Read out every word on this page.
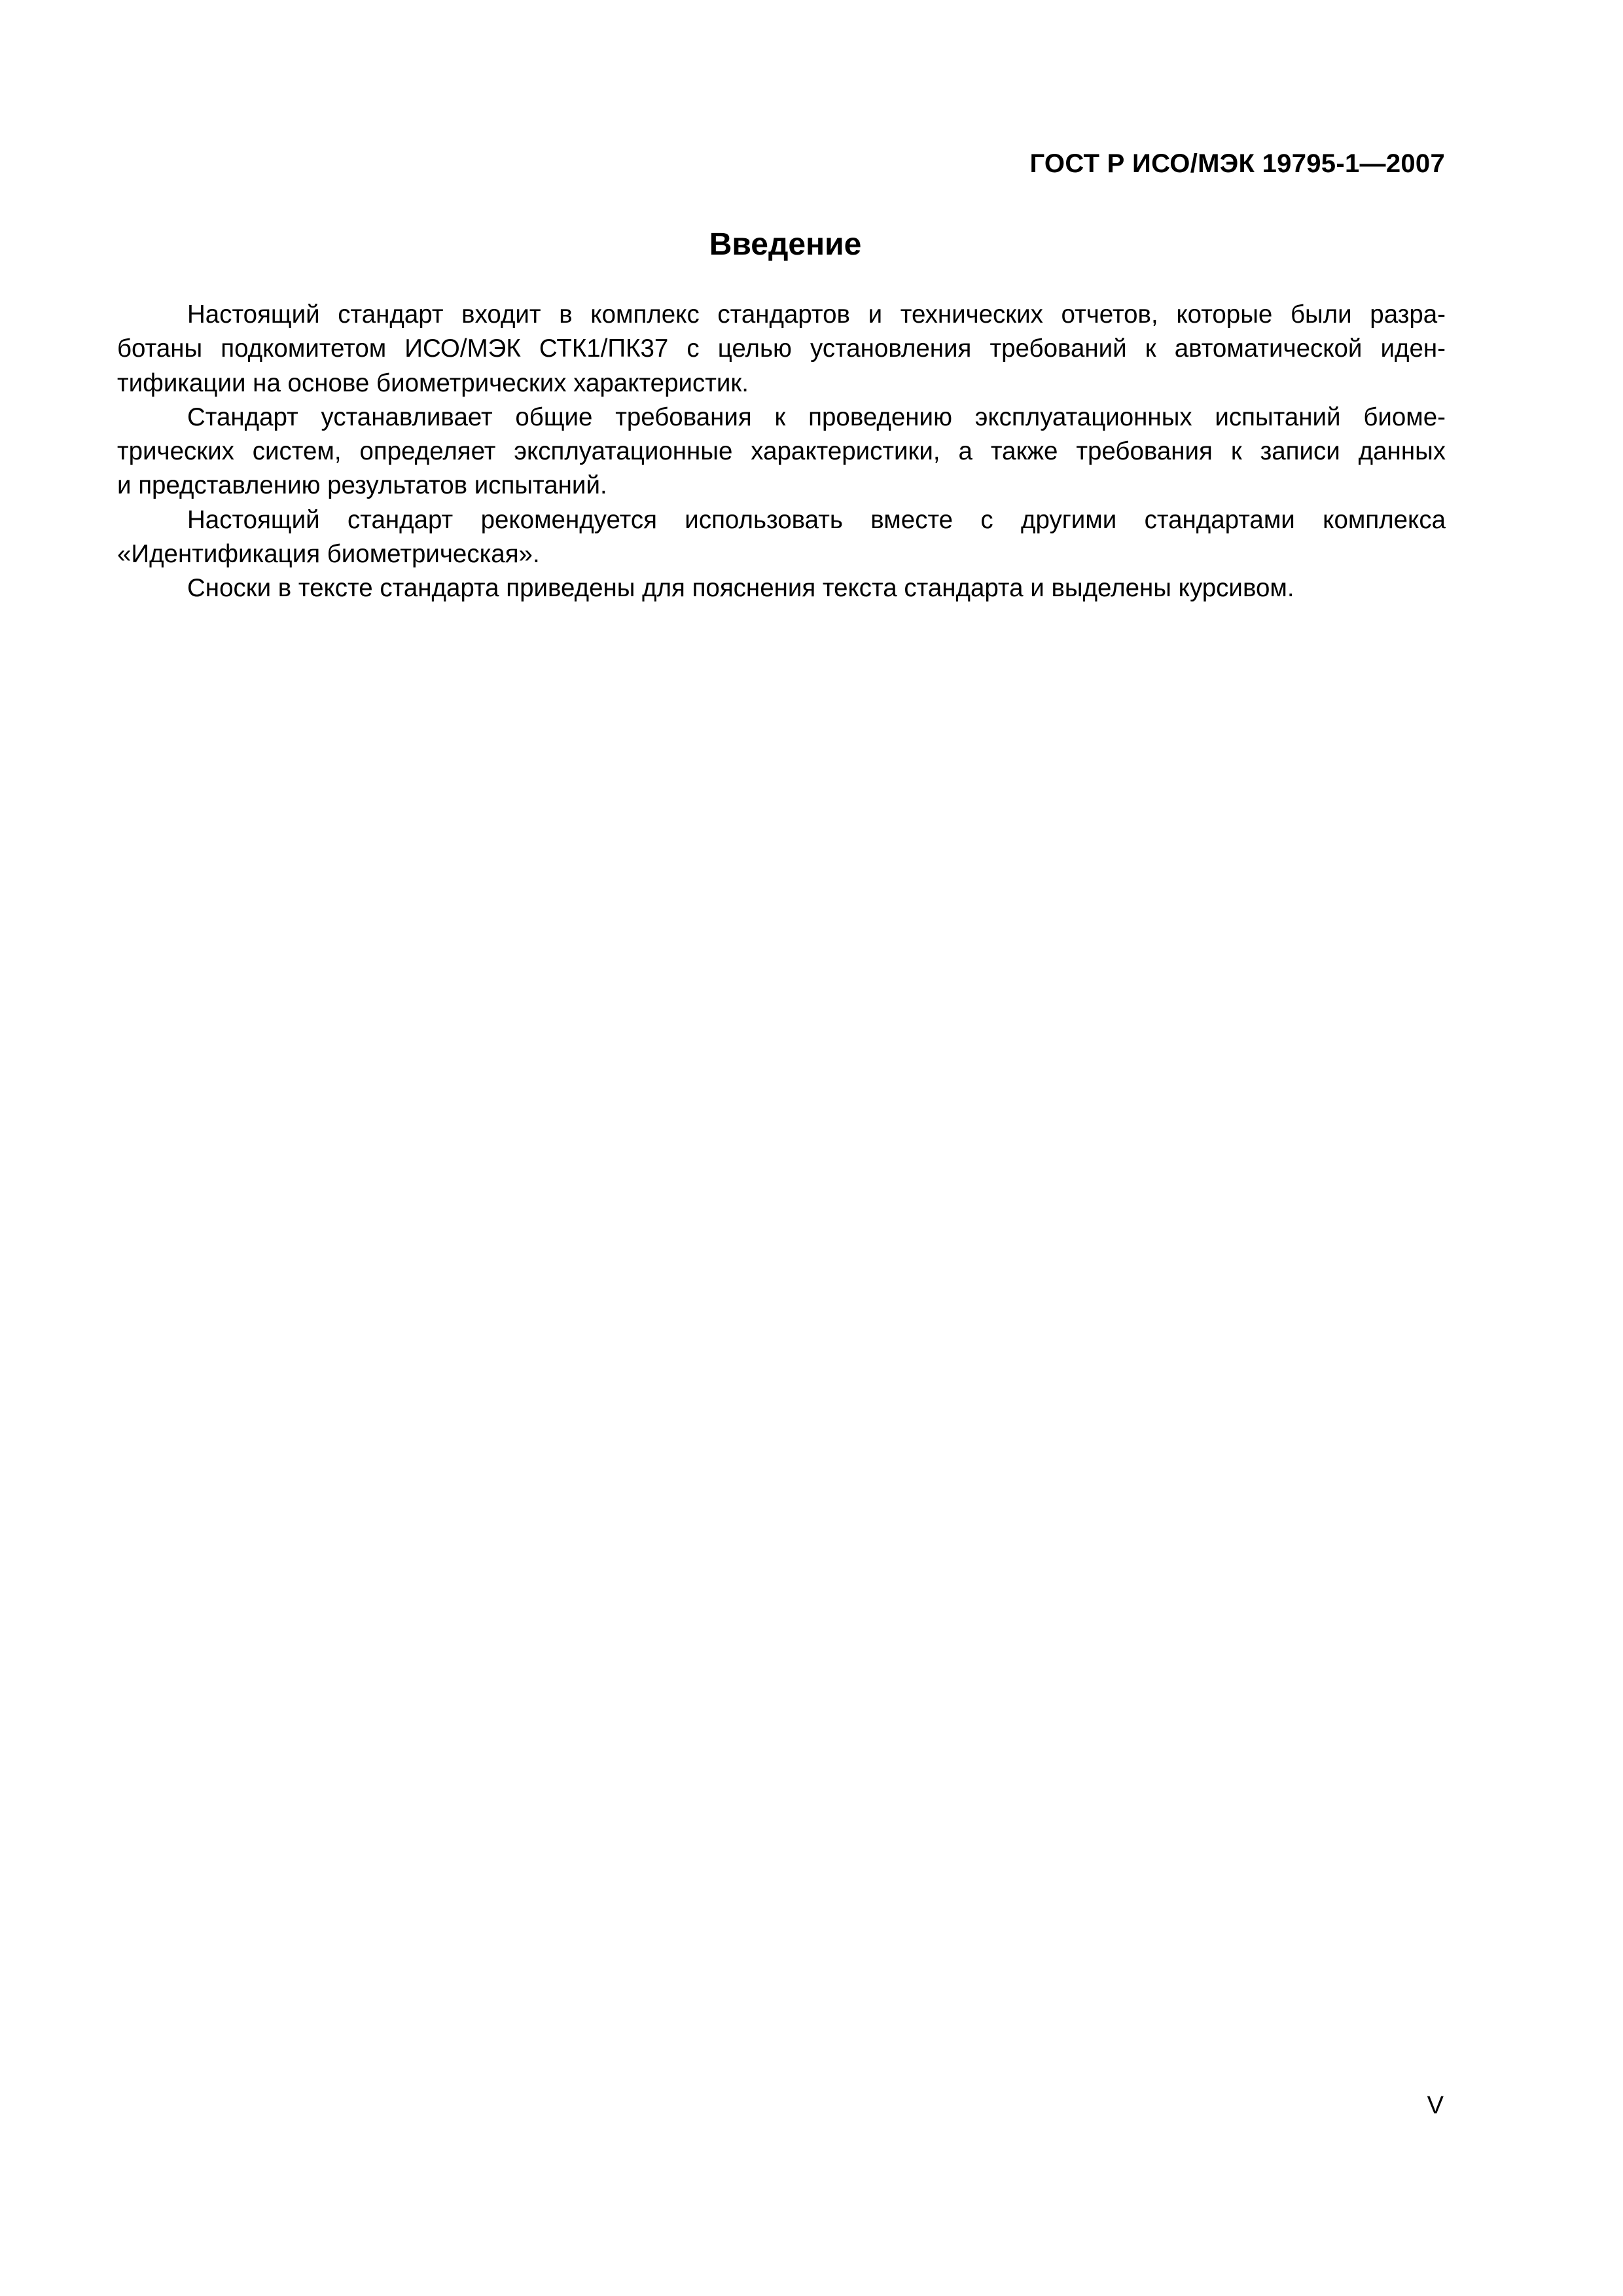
ГОСТ Р ИСО/МЭК 19795-1—2007
Введение

Настоящий стандарт входит в комплекс стандартов и технических отчетов, которые были разра-
ботаны подкомитетом ИСО/МЭК СТК1/ПК37 с целью установления требований к автоматической иден-
тификации на основе биометрических характеристик.

Стандарт устанавливает общие требования к проведению эксплуатационных испытаний биоме-
трических систем, определяет эксплуатационные характеристики, а также требования к записи данных
и представлению результатов испытаний.

Настоящий стандарт рекомендуется использовать вместе с другими стандартами комплекса
«Идентификация биометрическая».

Сноски в тексте стандарта приведены для пояснения текста стандарта и выделены курсивом.

V
